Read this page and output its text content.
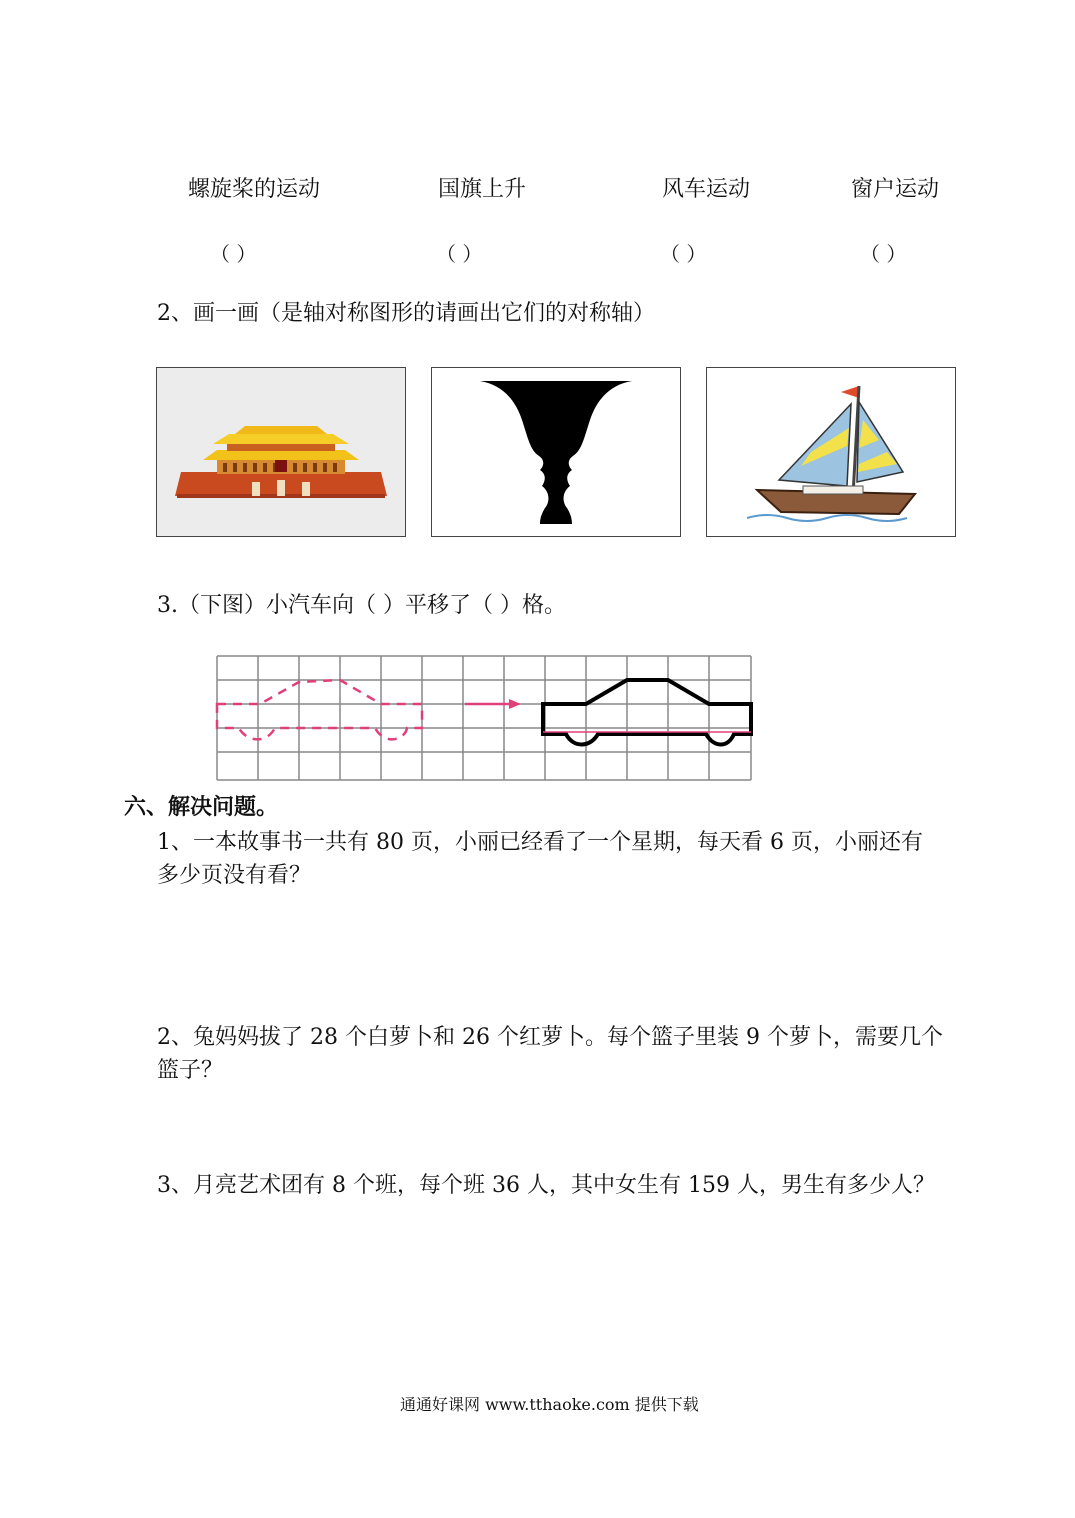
螺旋桨的运动	国旗上升	风车运动	窗户运动
（ ）	（ ）	（ ）	（ ）
2、画一画（是轴对称图形的请画出它们的对称轴）
3.（下图）小汽车向（ ）平移了（ ）格。
六、解决问题。
1、一本故事书一共有 80 页，小丽已经看了一个星期，每天看 6 页，小丽还有
多少页没有看？
2、兔妈妈拔了 28 个白萝卜和 26 个红萝卜。每个篮子里装 9 个萝卜，需要几个
篮子？
3、月亮艺术团有 8 个班，每个班 36 人，其中女生有 159 人，男生有多少人？
通通好课网 www.tthaoke.com 提供下载
